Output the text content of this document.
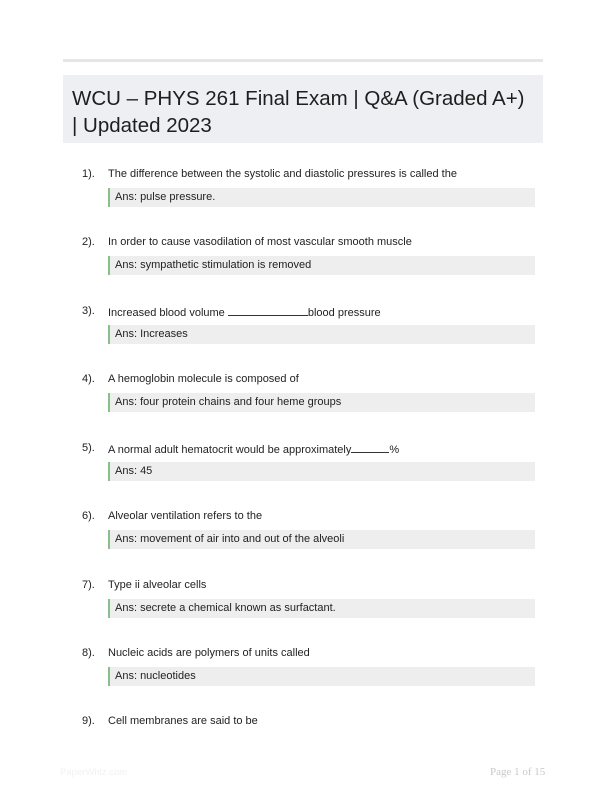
WCU – PHYS 261 Final Exam | Q&A (Graded A+) | Updated 2023
1). The difference between the systolic and diastolic pressures is called the
Ans: pulse pressure.
2). In order to cause vasodilation of most vascular smooth muscle
Ans: sympathetic stimulation is removed
3). Increased blood volume	blood pressure
Ans: Increases
4). A hemoglobin molecule is composed of
Ans: four protein chains and four heme groups
5). A normal adult hematocrit would be approximately	%
Ans: 45
6). Alveolar ventilation refers to the
Ans: movement of air into and out of the alveoli
7). Type ii alveolar cells
Ans: secrete a chemical known as surfactant.
8). Nucleic acids are polymers of units called
Ans: nucleotides
9). Cell membranes are said to be
PaperWhiz.com	Page 1 of 15
